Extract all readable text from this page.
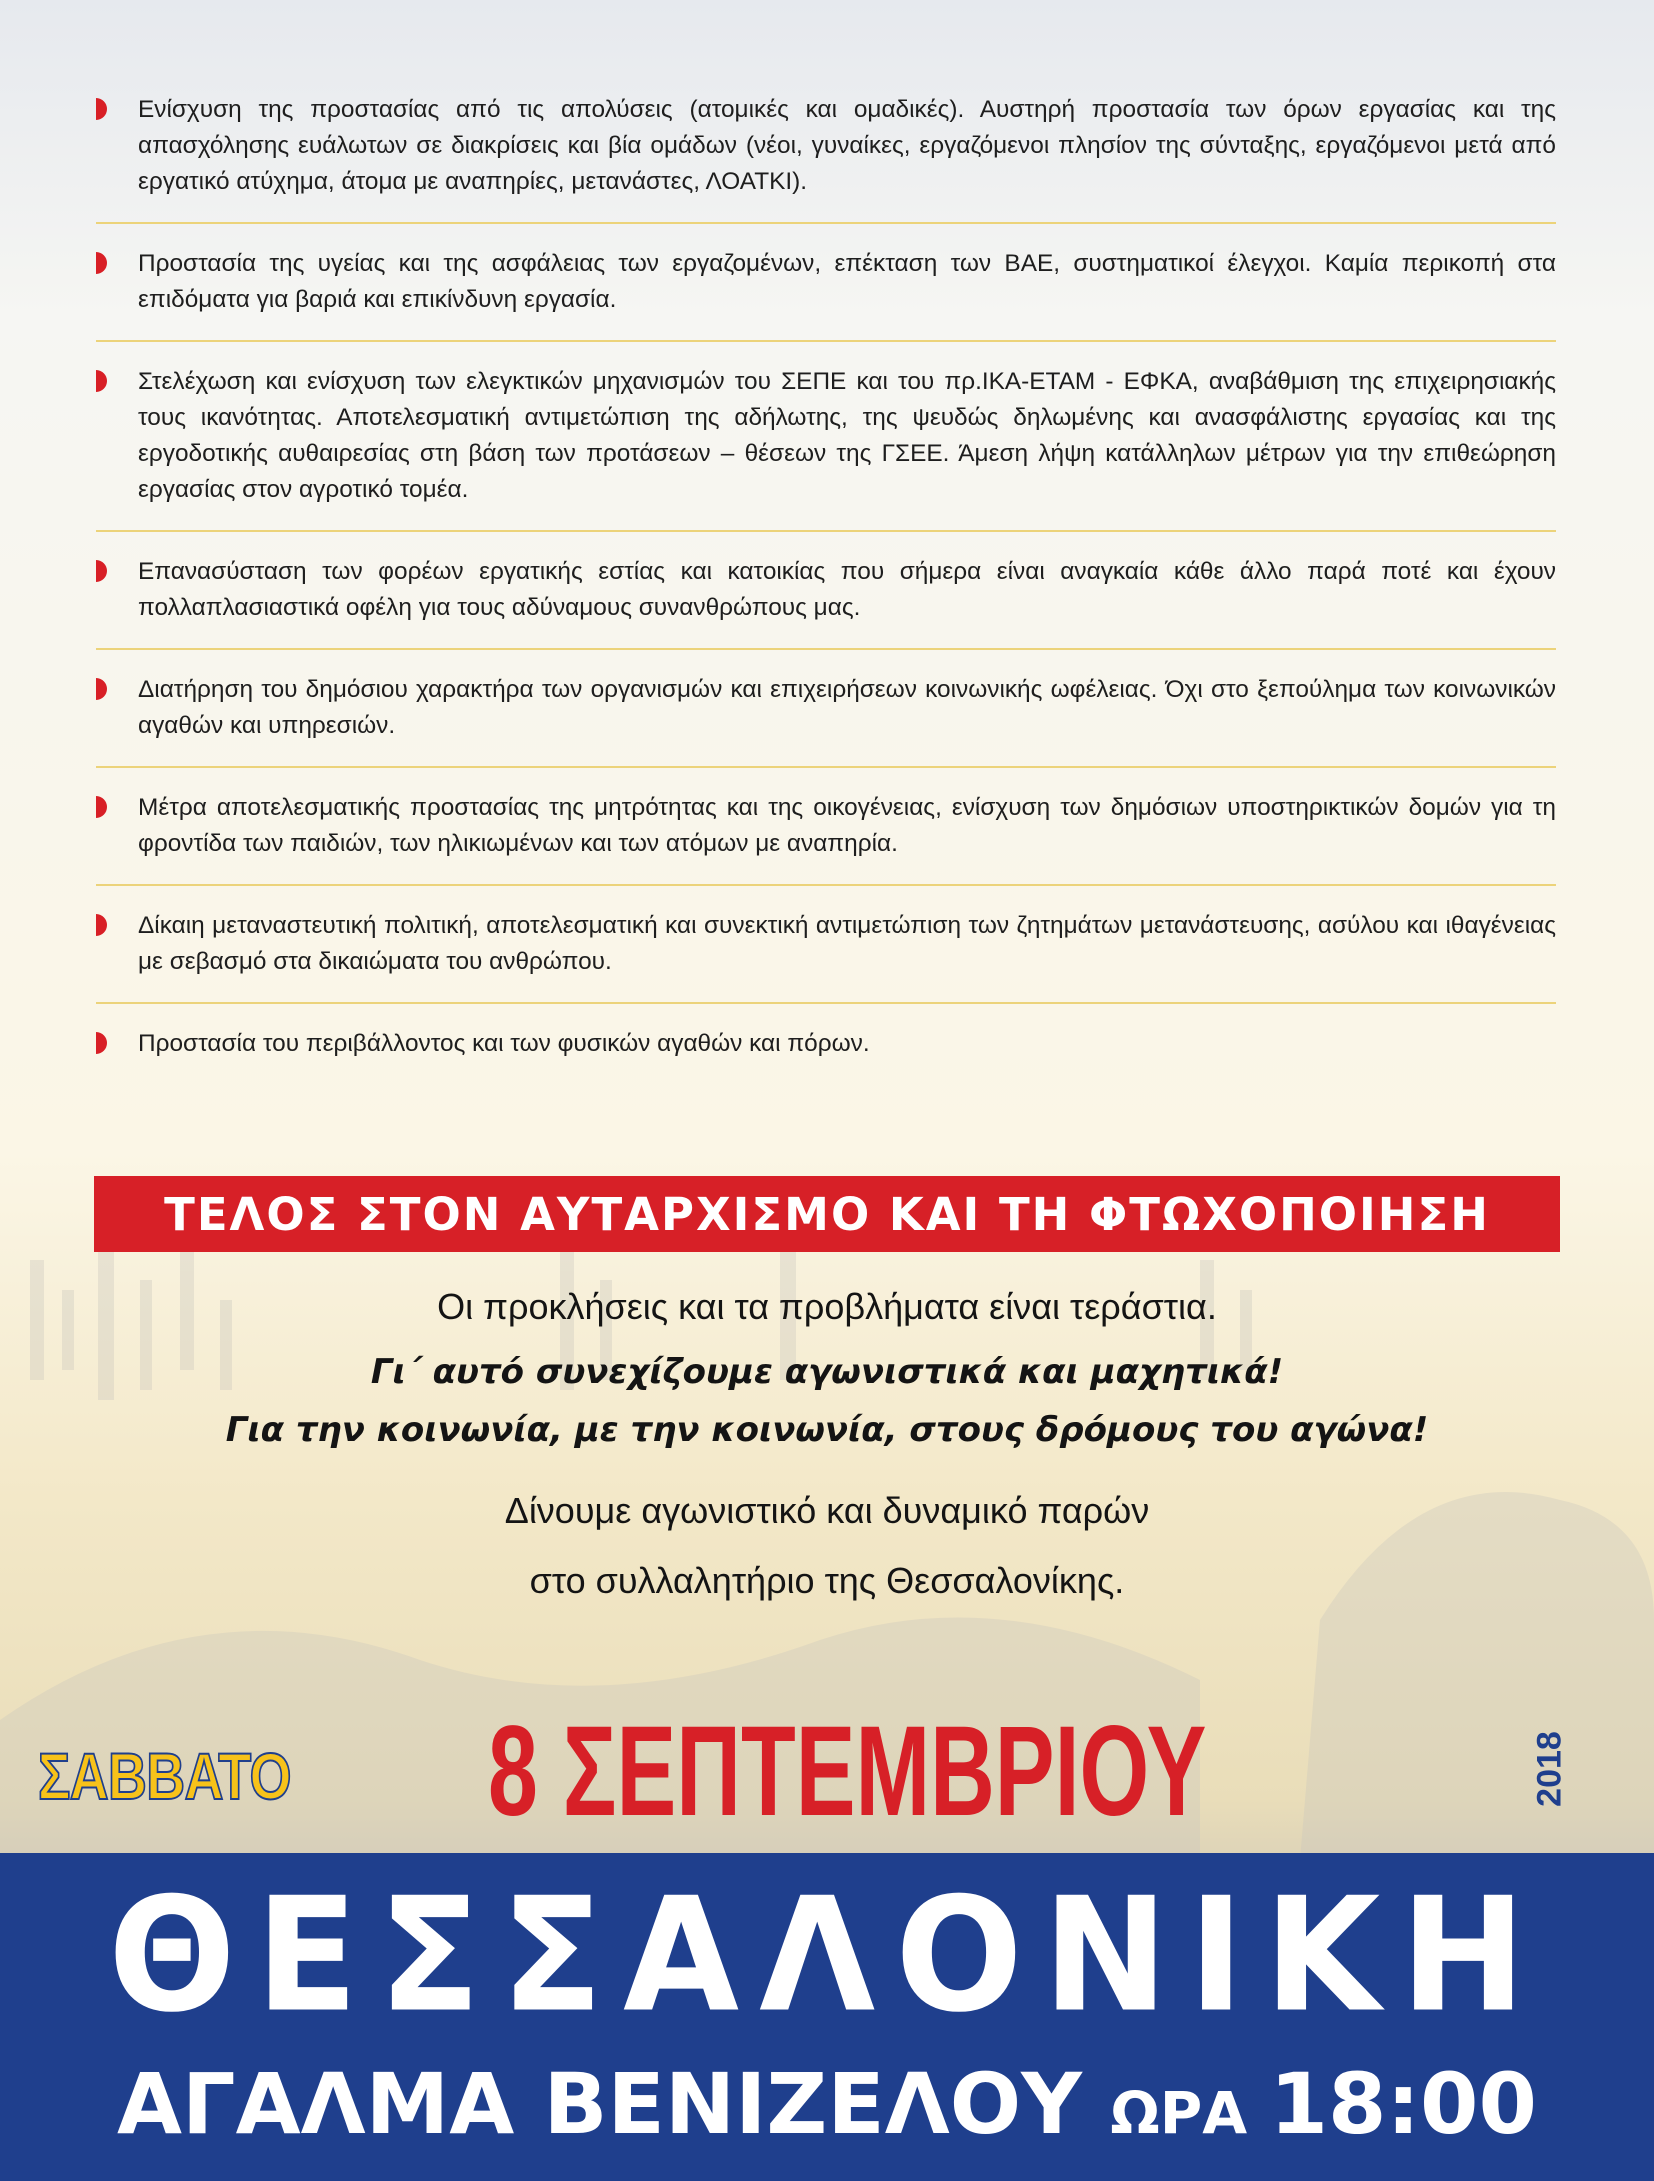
Ενίσχυση της προστασίας από τις απολύσεις (ατομικές και ομαδικές). Αυστηρή προστασία των όρων εργασίας και της απασχόλησης ευάλωτων σε διακρίσεις και βία ομάδων (νέοι, γυναίκες, εργαζόμενοι πλησίον της σύνταξης, εργαζόμενοι μετά από εργατικό ατύχημα, άτομα με αναπηρίες, μετανάστες, ΛΟΑΤΚΙ).
Προστασία της υγείας και της ασφάλειας των εργαζομένων, επέκταση των ΒΑΕ, συστηματικοί έλεγχοι. Καμία περικοπή στα επιδόματα για βαριά και επικίνδυνη εργασία.
Στελέχωση και ενίσχυση των ελεγκτικών μηχανισμών του ΣΕΠΕ και του πρ.ΙΚΑ-ΕΤΑΜ - ΕΦΚΑ, αναβάθμιση της επιχειρησιακής τους ικανότητας. Αποτελεσματική αντιμετώπιση της αδήλωτης, της ψευδώς δηλωμένης και ανασφάλιστης εργασίας και της εργοδοτικής αυθαιρεσίας στη βάση των προτάσεων – θέσεων της ΓΣΕΕ. Άμεση λήψη κατάλληλων μέτρων για την επιθεώρηση εργασίας στον αγροτικό τομέα.
Επανασύσταση των φορέων εργατικής εστίας και κατοικίας που σήμερα είναι αναγκαία κάθε άλλο παρά ποτέ και έχουν πολλαπλασιαστικά οφέλη για τους αδύναμους συνανθρώπους μας.
Διατήρηση του δημόσιου χαρακτήρα των οργανισμών και επιχειρήσεων κοινωνικής ωφέλειας. Όχι στο ξεπούλημα των κοινωνικών αγαθών και υπηρεσιών.
Μέτρα αποτελεσματικής προστασίας της μητρότητας και της οικογένειας, ενίσχυση των δημόσιων υποστηρικτικών δομών για τη φροντίδα των παιδιών, των ηλικιωμένων και των ατόμων με αναπηρία.
Δίκαιη μεταναστευτική πολιτική, αποτελεσματική και συνεκτική αντιμετώπιση των ζητημάτων μετανάστευσης, ασύλου και ιθαγένειας με σεβασμό στα δικαιώματα του ανθρώπου.
Προστασία του περιβάλλοντος και των φυσικών αγαθών και πόρων.
ΤΕΛΟΣ ΣΤΟΝ ΑΥΤΑΡΧΙΣΜΟ ΚΑΙ ΤΗ ΦΤΩΧΟΠΟΙΗΣΗ
Οι προκλήσεις και τα προβλήματα είναι τεράστια.
Γι΄ αυτό συνεχίζουμε αγωνιστικά και μαχητικά!
Για την κοινωνία, με την κοινωνία, στους δρόμους του αγώνα!
Δίνουμε αγωνιστικό και δυναμικό παρών
στο συλλαλητήριο της Θεσσαλονίκης.
ΣΑΒΒΑΤΟ 8 ΣΕΠΤΕΜΒΡΙΟΥ	2018
ΘΕΣΣΑΛΟΝΙΚΗ
ΑΓΑΛΜΑ ΒΕΝΙΖΕΛΟΥ ΩΡΑ 18:00
